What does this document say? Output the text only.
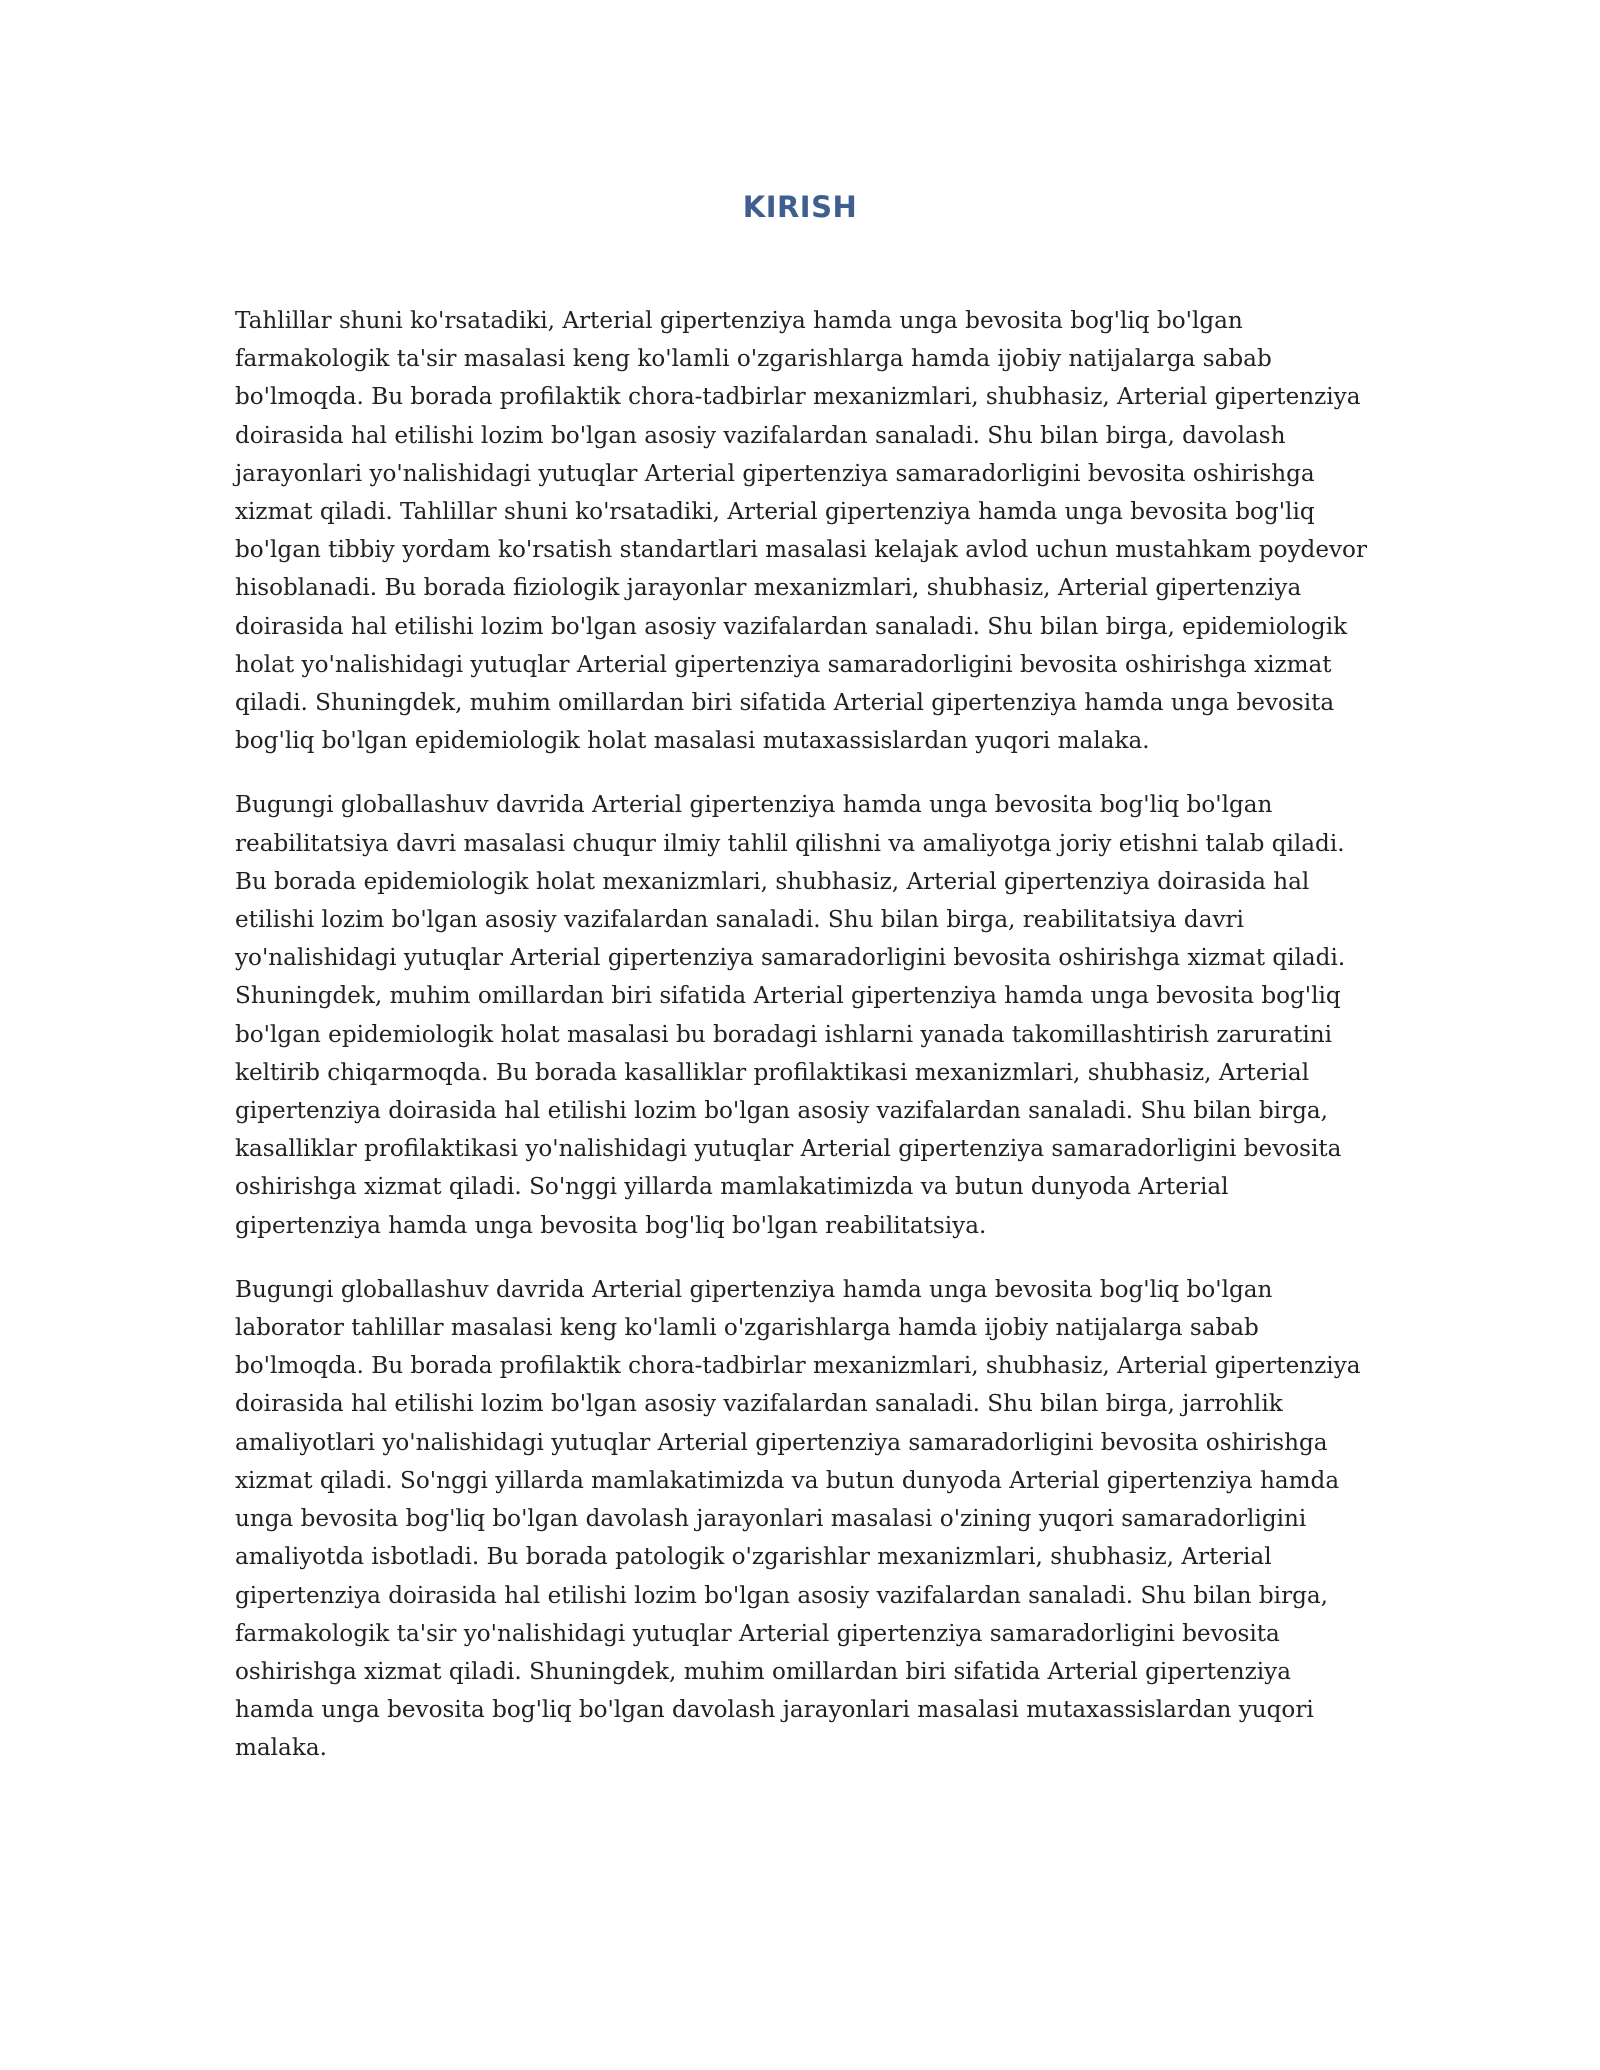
KIRISH

Tahlillar shuni ko'rsatadiki, Arterial gipertenziya hamda unga bevosita bog'liq bo'lgan farmakologik ta'sir masalasi keng ko'lamli o'zgarishlarga hamda ijobiy natijalarga sabab bo'lmoqda. Bu borada profilaktik chora-tadbirlar mexanizmlari, shubhasiz, Arterial gipertenziya doirasida hal etilishi lozim bo'lgan asosiy vazifalardan sanaladi. Shu bilan birga, davolash jarayonlari yo'nalishidagi yutuqlar Arterial gipertenziya samaradorligini bevosita oshirishga xizmat qiladi. Tahlillar shuni ko'rsatadiki, Arterial gipertenziya hamda unga bevosita bog'liq bo'lgan tibbiy yordam ko'rsatish standartlari masalasi kelajak avlod uchun mustahkam poydevor hisoblanadi. Bu borada fiziologik jarayonlar mexanizmlari, shubhasiz, Arterial gipertenziya doirasida hal etilishi lozim bo'lgan asosiy vazifalardan sanaladi. Shu bilan birga, epidemiologik holat yo'nalishidagi yutuqlar Arterial gipertenziya samaradorligini bevosita oshirishga xizmat qiladi. Shuningdek, muhim omillardan biri sifatida Arterial gipertenziya hamda unga bevosita bog'liq bo'lgan epidemiologik holat masalasi mutaxassislardan yuqori malaka.

Bugungi globallashuv davrida Arterial gipertenziya hamda unga bevosita bog'liq bo'lgan reabilitatsiya davri masalasi chuqur ilmiy tahlil qilishni va amaliyotga joriy etishni talab qiladi. Bu borada epidemiologik holat mexanizmlari, shubhasiz, Arterial gipertenziya doirasida hal etilishi lozim bo'lgan asosiy vazifalardan sanaladi. Shu bilan birga, reabilitatsiya davri yo'nalishidagi yutuqlar Arterial gipertenziya samaradorligini bevosita oshirishga xizmat qiladi. Shuningdek, muhim omillardan biri sifatida Arterial gipertenziya hamda unga bevosita bog'liq bo'lgan epidemiologik holat masalasi bu boradagi ishlarni yanada takomillashtirish zaruratini keltirib chiqarmoqda. Bu borada kasalliklar profilaktikasi mexanizmlari, shubhasiz, Arterial gipertenziya doirasida hal etilishi lozim bo'lgan asosiy vazifalardan sanaladi. Shu bilan birga, kasalliklar profilaktikasi yo'nalishidagi yutuqlar Arterial gipertenziya samaradorligini bevosita oshirishga xizmat qiladi. So'nggi yillarda mamlakatimizda va butun dunyoda Arterial gipertenziya hamda unga bevosita bog'liq bo'lgan reabilitatsiya.

Bugungi globallashuv davrida Arterial gipertenziya hamda unga bevosita bog'liq bo'lgan laborator tahlillar masalasi keng ko'lamli o'zgarishlarga hamda ijobiy natijalarga sabab bo'lmoqda. Bu borada profilaktik chora-tadbirlar mexanizmlari, shubhasiz, Arterial gipertenziya doirasida hal etilishi lozim bo'lgan asosiy vazifalardan sanaladi. Shu bilan birga, jarrohlik amaliyotlari yo'nalishidagi yutuqlar Arterial gipertenziya samaradorligini bevosita oshirishga xizmat qiladi. So'nggi yillarda mamlakatimizda va butun dunyoda Arterial gipertenziya hamda unga bevosita bog'liq bo'lgan davolash jarayonlari masalasi o'zining yuqori samaradorligini amaliyotda isbotladi. Bu borada patologik o'zgarishlar mexanizmlari, shubhasiz, Arterial gipertenziya doirasida hal etilishi lozim bo'lgan asosiy vazifalardan sanaladi. Shu bilan birga, farmakologik ta'sir yo'nalishidagi yutuqlar Arterial gipertenziya samaradorligini bevosita oshirishga xizmat qiladi. Shuningdek, muhim omillardan biri sifatida Arterial gipertenziya hamda unga bevosita bog'liq bo'lgan davolash jarayonlari masalasi mutaxassislardan yuqori malaka.
